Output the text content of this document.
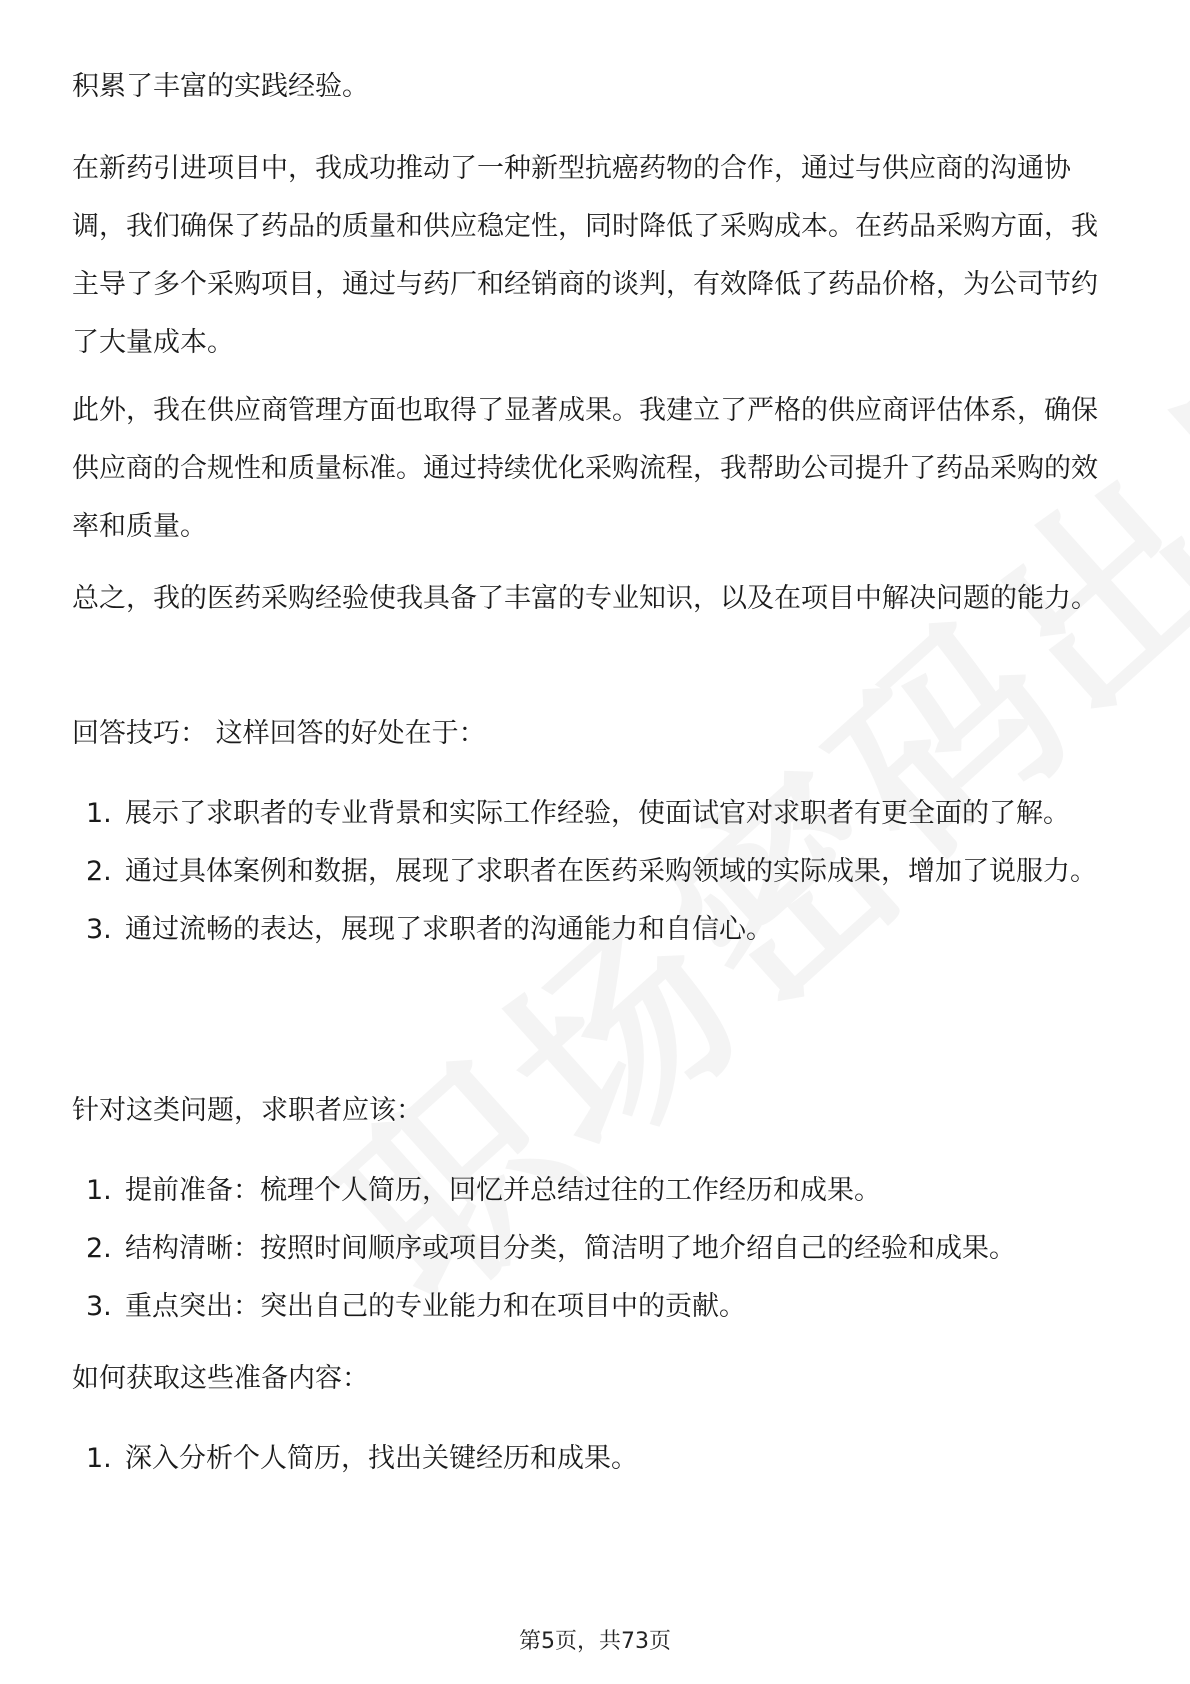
积累了丰富的实践经验。

在新药引进项目中，我成功推动了一种新型抗癌药物的合作，通过与供应商的沟通协调，我们确保了药品的质量和供应稳定性，同时降低了采购成本。在药品采购方面，我主导了多个采购项目，通过与药厂和经销商的谈判，有效降低了药品价格，为公司节约了大量成本。

此外，我在供应商管理方面也取得了显著成果。我建立了严格的供应商评估体系，确保供应商的合规性和质量标准。通过持续优化采购流程，我帮助公司提升了药品采购的效率和质量。

总之，我的医药采购经验使我具备了丰富的专业知识，以及在项目中解决问题的能力。

回答技巧： 这样回答的好处在于：

1. 展示了求职者的专业背景和实际工作经验，使面试官对求职者有更全面的了解。
2. 通过具体案例和数据，展现了求职者在医药采购领域的实际成果，增加了说服力。
3. 通过流畅的表达，展现了求职者的沟通能力和自信心。

针对这类问题，求职者应该：

1. 提前准备：梳理个人简历，回忆并总结过往的工作经历和成果。
2. 结构清晰：按照时间顺序或项目分类，简洁明了地介绍自己的经验和成果。
3. 重点突出：突出自己的专业能力和在项目中的贡献。

如何获取这些准备内容：

1. 深入分析个人简历，找出关键经历和成果。
第5页，共73页
